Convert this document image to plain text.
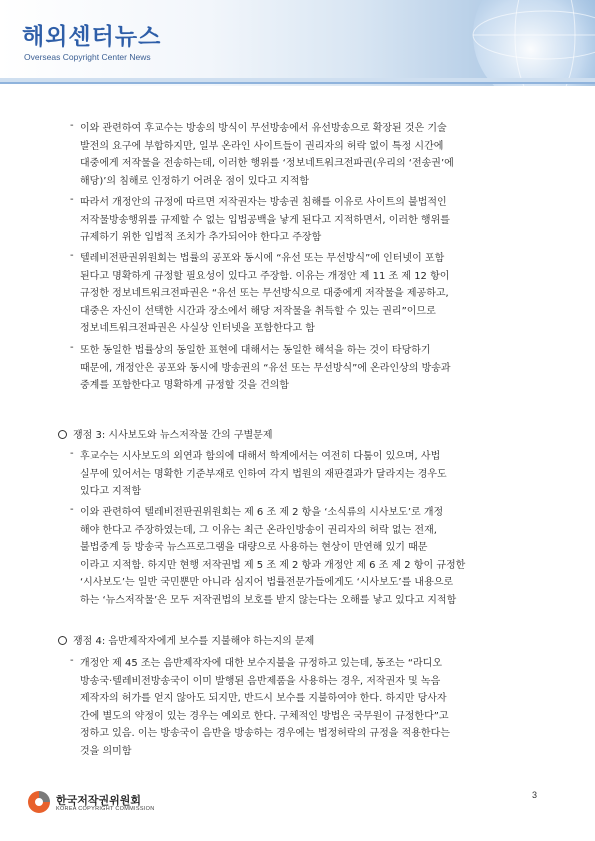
해외센터뉴스
Overseas Copyright Center News
- 이와 관련하여 후교수는 방송의 방식이 무선방송에서 유선방송으로 확장된 것은 기술
발전의 요구에 부합하지만, 일부 온라인 사이트들이 권리자의 허락 없이 특정 시간에
대중에게 저작물을 전송하는데, 이러한 행위를 ‘정보네트워크전파권(우리의 ‘전송권’에
해당)’의 침해로 인정하기 어려운 점이 있다고 지적함
- 따라서 개정안의 규정에 따르면 저작권자는 방송권 침해를 이유로 사이트의 불법적인
저작물방송행위를 규제할 수 없는 입법공백을 낳게 된다고 지적하면서, 이러한 행위를
규제하기 위한 입법적 조치가 추가되어야 한다고 주장함
- 텔레비전판권위원회는 법률의 공포와 동시에 “유선 또는 무선방식”에 인터넷이 포함
된다고 명확하게 규정할 필요성이 있다고 주장함. 이유는 개정안 제 11 조 제 12 항이
규정한 정보네트워크전파권은 “유선 또는 무선방식으로 대중에게 저작물을 제공하고,
대중은 자신이 선택한 시간과 장소에서 해당 저작물을 취득할 수 있는 권리”이므로
정보네트워크전파권은 사실상 인터넷을 포함한다고 함
- 또한 동일한 법률상의 동일한 표현에 대해서는 동일한 해석을 하는 것이 타당하기
때문에, 개정안은 공포와 동시에 방송권의 “유선 또는 무선방식”에 온라인상의 방송과
중계를 포함한다고 명확하게 규정할 것을 건의함
쟁점 3: 시사보도와 뉴스저작물 간의 구별문제
- 후교수는 시사보도의 외연과 함의에 대해서 학계에서는 여전히 다툼이 있으며, 사법
실무에 있어서는 명확한 기준부재로 인하여 각지 법원의 재판결과가 달라지는 경우도
있다고 지적함
- 이와 관련하여 텔레비전판권위원회는 제 6 조 제 2 항을 ‘소식류의 시사보도’로 개정
해야 한다고 주장하였는데, 그 이유는 최근 온라인방송이 권리자의 허락 없는 전재,
불법중계 등 방송국 뉴스프로그램을 대량으로 사용하는 현상이 만연해 있기 때문
이라고 지적함. 하지만 현행 저작권법 제 5 조 제 2 항과 개정안 제 6 조 제 2 항이 규정한
‘시사보도’는 일반 국민뿐만 아니라 심지어 법률전문가들에게도 ‘시사보도’를 내용으로
하는 ‘뉴스저작물’은 모두 저작권법의 보호를 받지 않는다는 오해를 낳고 있다고 지적함
쟁점 4: 음반제작자에게 보수를 지불해야 하는지의 문제
- 개정안 제 45 조는 음반제작자에 대한 보수지불을 규정하고 있는데, 동조는 “라디오
방송국·텔레비전방송국이 이미 발행된 음반제품을 사용하는 경우, 저작권자 및 녹음
제작자의 허가를 얻지 않아도 되지만, 반드시 보수를 지불하여야 한다. 하지만 당사자
간에 별도의 약정이 있는 경우는 예외로 한다. 구체적인 방법은 국무원이 규정한다”고
정하고 있음. 이는 방송국이 음반을 방송하는 경우에는 법정허락의 규정을 적용한다는
것을 의미함
한국저작권위원회
KOREA COPYRIGHT COMMISSION
3
